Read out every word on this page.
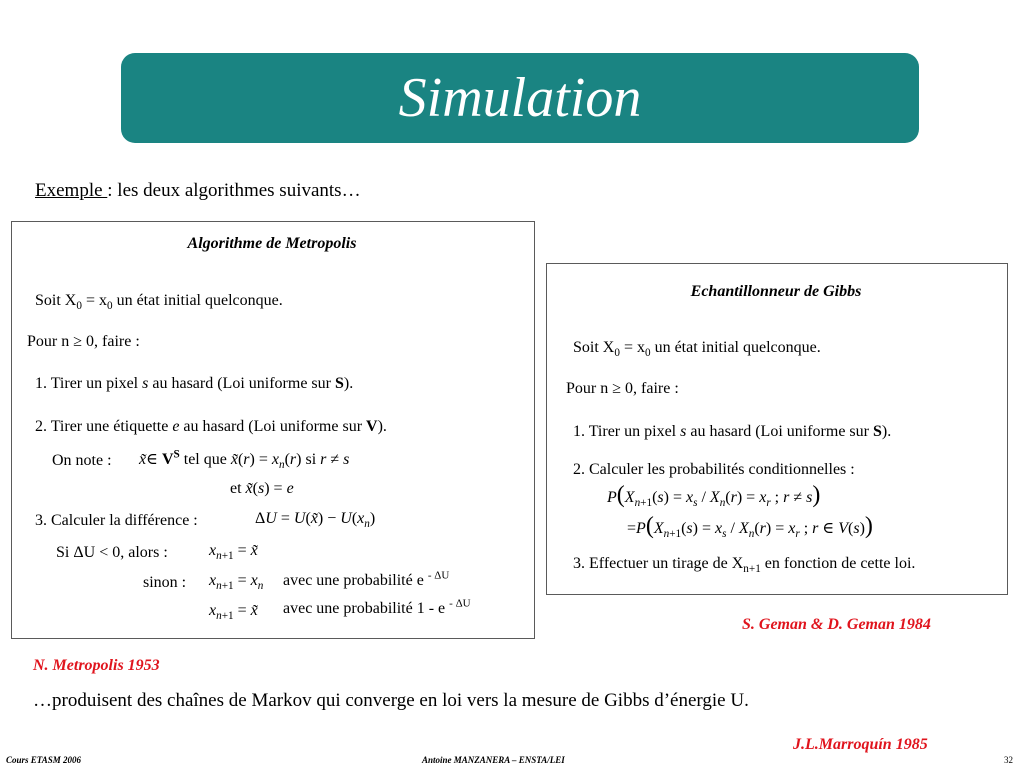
Simulation
Exemple : les deux algorithmes suivants…
Algorithme de Metropolis
Soit $X_0 = x_0$ un état initial quelconque.
Pour n ≥ 0, faire :
1. Tirer un pixel s au hasard (Loi uniforme sur S).
2. Tirer une étiquette e au hasard (Loi uniforme sur V).
On note : x̃∈ $V^S$ tel que x̃(r) = $x_n(r)$ si r ≠ s
et x̃(s) = e
3. Calculer la différence :	ΔU = U(x̃) − $U(x_n)$
Si ΔU < 0, alors :	$x_{n+1}$ = x̃
sinon : $x_{n+1} = x_n$ avec une probabilité e $^{- \Delta U}$
$x_{n+1}$ = x̃ avec une probabilité 1 - e $^{- \Delta U}$
N. Metropolis 1953
Echantillonneur de Gibbs
Soit $X_0 = x_0$ un état initial quelconque.
Pour n ≥ 0, faire :
1. Tirer un pixel s au hasard (Loi uniforme sur S).
2. Calculer les probabilités conditionnelles :
$P(X_{n+1}(s) = x_s / X_n(r) = x_r$ ; r ≠ s)
$=P(X_{n+1}(s) = x_s / X_n(r) = x_r$ ; r ∈ V(s))
3. Effectuer un tirage de $X_{n+1}$ en fonction de cette loi.
S. Geman & D. Geman 1984
…produisent des chaînes de Markov qui converge en loi vers la mesure de Gibbs d’énergie U.
J.L.Marroquín 1985
Cours ETASM 2006	Antoine MANZANERA – ENSTA/LEI	32
